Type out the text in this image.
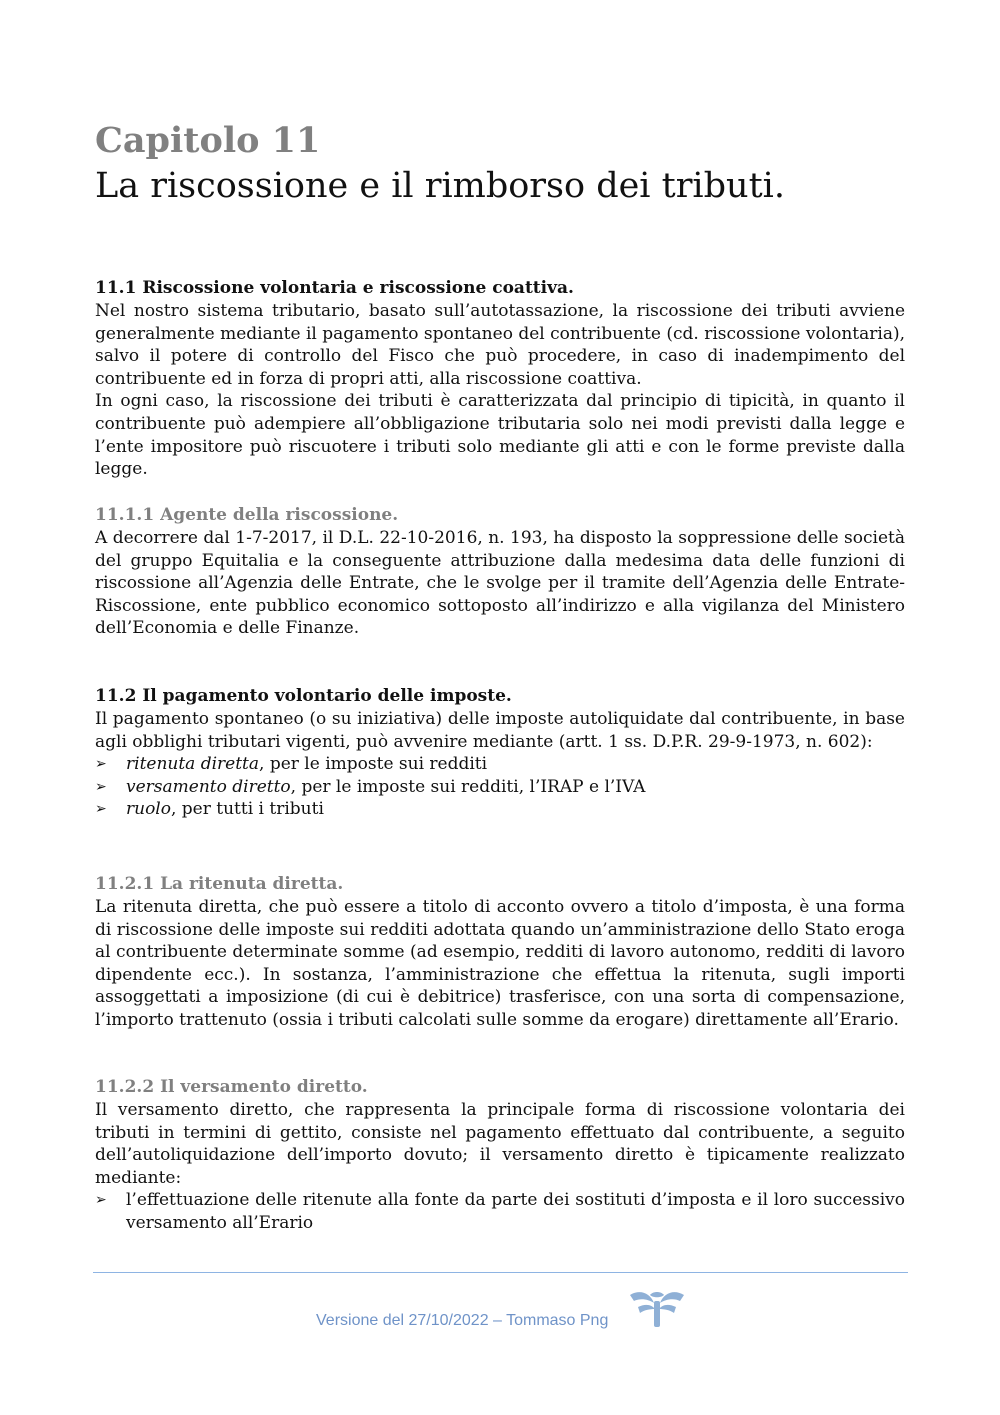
Capitolo 11
La riscossione e il rimborso dei tributi.
11.1 Riscossione volontaria e riscossione coattiva.

Nel nostro sistema tributario, basato sull’autotassazione, la riscossione dei tributi avviene generalmente mediante il pagamento spontaneo del contribuente (cd. riscossione volontaria), salvo il potere di controllo del Fisco che può procedere, in caso di inadempimento del contribuente ed in forza di propri atti, alla riscossione coattiva.

In ogni caso, la riscossione dei tributi è caratterizzata dal principio di tipicità, in quanto il contribuente può adempiere all’obbligazione tributaria solo nei modi previsti dalla legge e l’ente impositore può riscuotere i tributi solo mediante gli atti e con le forme previste dalla legge.

11.1.1 Agente della riscossione.

A decorrere dal 1-7-2017, il D.L. 22-10-2016, n. 193, ha disposto la soppressione delle società del gruppo Equitalia e la conseguente attribuzione dalla medesima data delle funzioni di riscossione all’Agenzia delle Entrate, che le svolge per il tramite dell’Agenzia delle Entrate-Riscossione, ente pubblico economico sottoposto all’indirizzo e alla vigilanza del Ministero dell’Economia e delle Finanze.

11.2 Il pagamento volontario delle imposte.

Il pagamento spontaneo (o su iniziativa) delle imposte autoliquidate dal contribuente, in base agli obblighi tributari vigenti, può avvenire mediante (artt. 1 ss. D.P.R. 29-9-1973, n. 602):

➢ ritenuta diretta, per le imposte sui redditi
➢ versamento diretto, per le imposte sui redditi, l’IRAP e l’IVA
➢ ruolo, per tutti i tributi
11.2.1 La ritenuta diretta.

La ritenuta diretta, che può essere a titolo di acconto ovvero a titolo d’imposta, è una forma di riscossione delle imposte sui redditi adottata quando un’amministrazione dello Stato eroga al contribuente determinate somme (ad esempio, redditi di lavoro autonomo, redditi di lavoro dipendente ecc.). In sostanza, l’amministrazione che effettua la ritenuta, sugli importi assoggettati a imposizione (di cui è debitrice) trasferisce, con una sorta di compensazione, l’importo trattenuto (ossia i tributi calcolati sulle somme da erogare) direttamente all’Erario.

11.2.2 Il versamento diretto.

Il versamento diretto, che rappresenta la principale forma di riscossione volontaria dei tributi in termini di gettito, consiste nel pagamento effettuato dal contribuente, a seguito dell’autoliquidazione dell’importo dovuto; il versamento diretto è tipicamente realizzato mediante:

➢ l’effettuazione delle ritenute alla fonte da parte dei sostituti d’imposta e il loro successivo versamento all’Erario
Versione del 27/10/2022 – Tommaso Png
